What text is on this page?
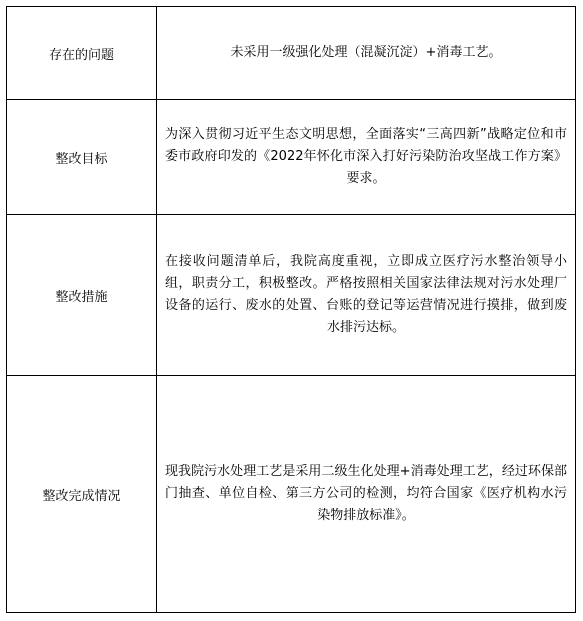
存在的问题	未采用一级强化处理（混凝沉淀）+消毒工艺。

整改目标	为深入贯彻习近平生态文明思想，全面落实“三高四新”战略定位和市委市政府印发的《2022年怀化市深入打好污染防治攻坚战工作方案》要求。

整改措施	在接收问题清单后，我院高度重视，立即成立医疗污水整治领导小组，职责分工，积极整改。严格按照相关国家法律法规对污水处理厂设备的运行、废水的处置、台账的登记等运营情况进行摸排，做到废水排污达标。

整改完成情况	现我院污水处理工艺是采用二级生化处理+消毒处理工艺，经过环保部门抽查、单位自检、第三方公司的检测，均符合国家《医疗机构水污染物排放标准》。
